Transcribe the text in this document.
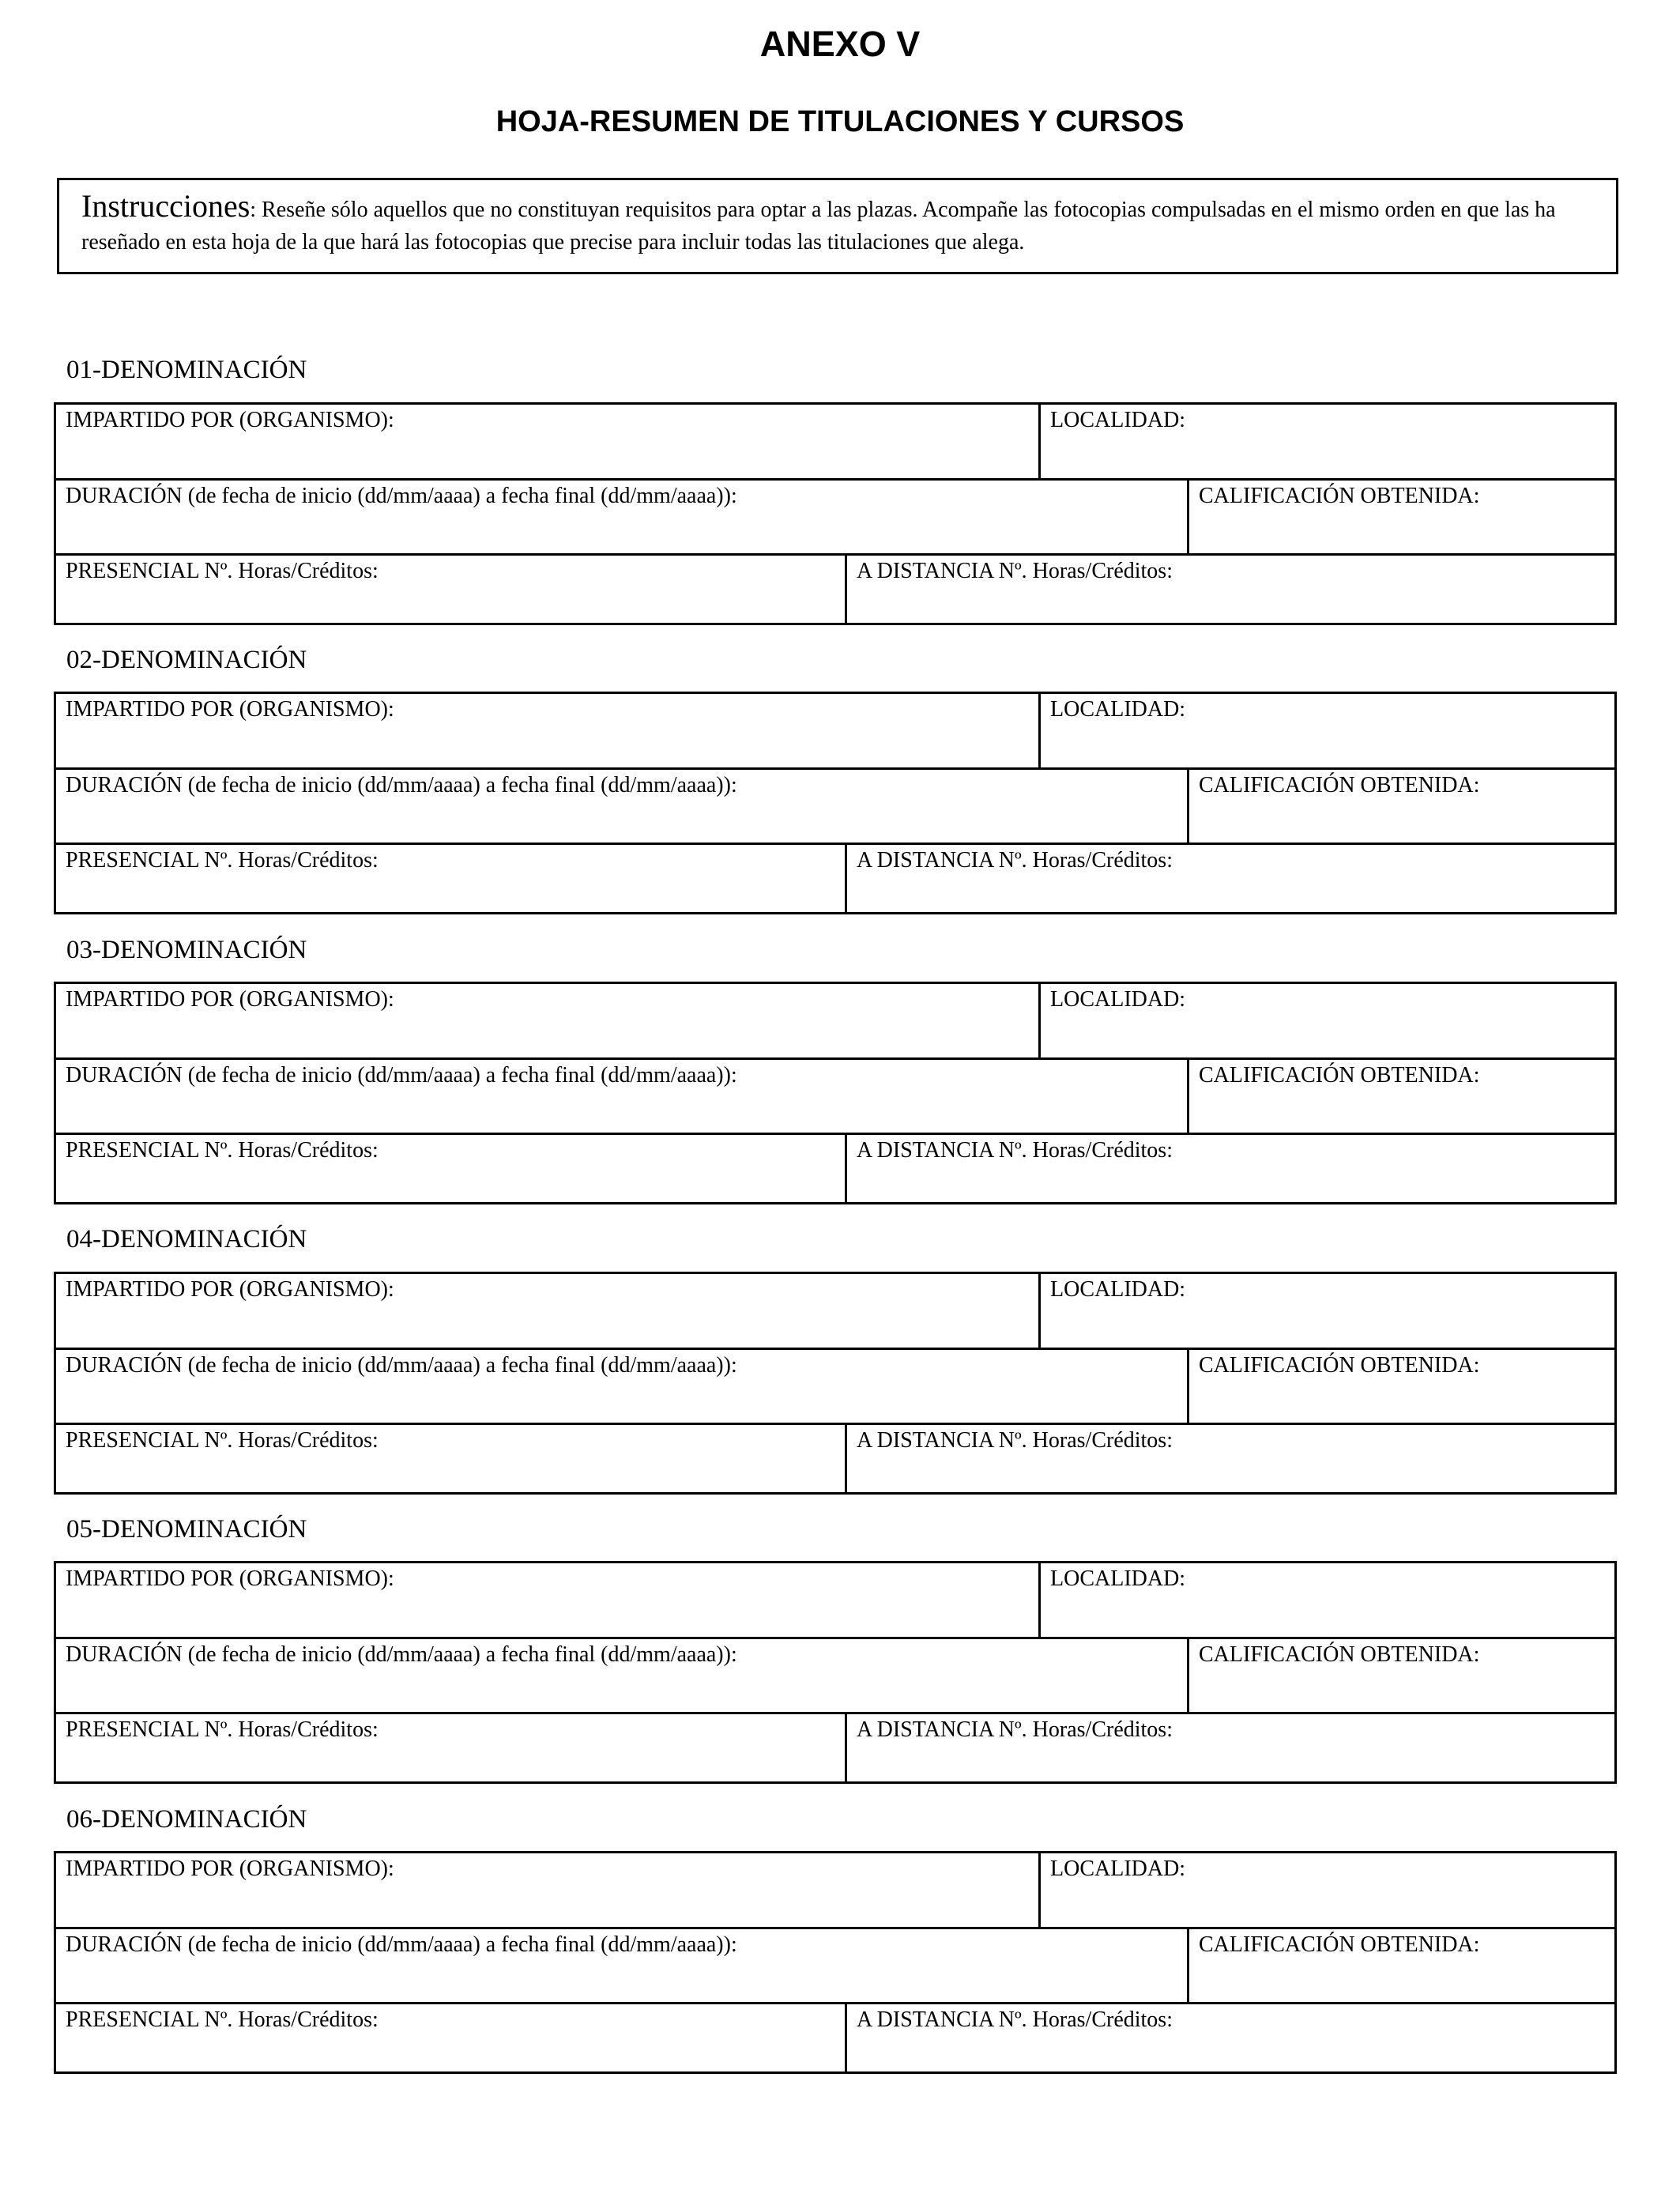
ANEXO V
HOJA-RESUMEN DE TITULACIONES Y CURSOS
Instrucciones: Reseñe sólo aquellos que no constituyan requisitos para optar a las plazas. Acompañe las fotocopias compulsadas en el mismo orden en que las ha reseñado en esta hoja de la que hará las fotocopias que precise para incluir todas las titulaciones que alega.
01-DENOMINACIÓN
IMPARTIDO POR (ORGANISMO):	LOCALIDAD:
DURACIÓN (de fecha de inicio (dd/mm/aaaa) a fecha final (dd/mm/aaaa)):	CALIFICACIÓN OBTENIDA:
PRESENCIAL Nº. Horas/Créditos:	A DISTANCIA Nº. Horas/Créditos:
02-DENOMINACIÓN
IMPARTIDO POR (ORGANISMO):	LOCALIDAD:
DURACIÓN (de fecha de inicio (dd/mm/aaaa) a fecha final (dd/mm/aaaa)):	CALIFICACIÓN OBTENIDA:
PRESENCIAL Nº. Horas/Créditos:	A DISTANCIA Nº. Horas/Créditos:
03-DENOMINACIÓN
IMPARTIDO POR (ORGANISMO):	LOCALIDAD:
DURACIÓN (de fecha de inicio (dd/mm/aaaa) a fecha final (dd/mm/aaaa)):	CALIFICACIÓN OBTENIDA:
PRESENCIAL Nº. Horas/Créditos:	A DISTANCIA Nº. Horas/Créditos:
04-DENOMINACIÓN
IMPARTIDO POR (ORGANISMO):	LOCALIDAD:
DURACIÓN (de fecha de inicio (dd/mm/aaaa) a fecha final (dd/mm/aaaa)):	CALIFICACIÓN OBTENIDA:
PRESENCIAL Nº. Horas/Créditos:	A DISTANCIA Nº. Horas/Créditos:
05-DENOMINACIÓN
IMPARTIDO POR (ORGANISMO):	LOCALIDAD:
DURACIÓN (de fecha de inicio (dd/mm/aaaa) a fecha final (dd/mm/aaaa)):	CALIFICACIÓN OBTENIDA:
PRESENCIAL Nº. Horas/Créditos:	A DISTANCIA Nº. Horas/Créditos:
06-DENOMINACIÓN
IMPARTIDO POR (ORGANISMO):	LOCALIDAD:
DURACIÓN (de fecha de inicio (dd/mm/aaaa) a fecha final (dd/mm/aaaa)):	CALIFICACIÓN OBTENIDA:
PRESENCIAL Nº. Horas/Créditos:	A DISTANCIA Nº. Horas/Créditos:
